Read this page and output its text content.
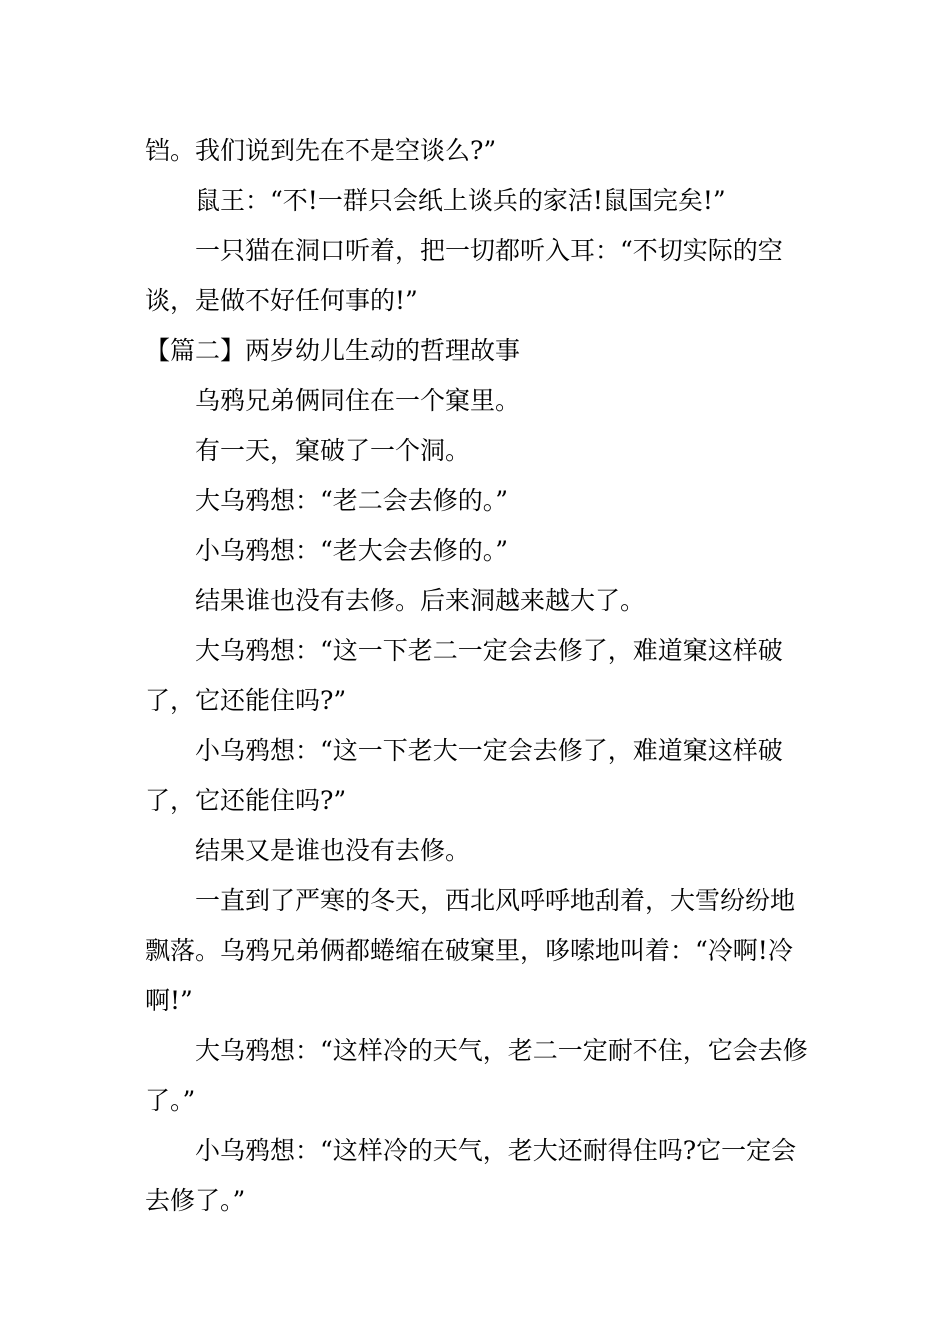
铛。我们说到先在不是空谈么?”

鼠王：“不!一群只会纸上谈兵的家活!鼠国完矣!”

一只猫在洞口听着，把一切都听入耳：“不切实际的空谈，是做不好任何事的!”

【篇二】两岁幼儿生动的哲理故事

乌鸦兄弟俩同住在一个窠里。

有一天，窠破了一个洞。

大乌鸦想：“老二会去修的。”

小乌鸦想：“老大会去修的。”

结果谁也没有去修。后来洞越来越大了。

大乌鸦想：“这一下老二一定会去修了，难道窠这样破了，它还能住吗?”

小乌鸦想：“这一下老大一定会去修了，难道窠这样破了，它还能住吗?”

结果又是谁也没有去修。

一直到了严寒的冬天，西北风呼呼地刮着，大雪纷纷地飘落。乌鸦兄弟俩都蜷缩在破窠里，哆嗦地叫着：“冷啊!冷啊!”

大乌鸦想：“这样冷的天气，老二一定耐不住，它会去修了。”

小乌鸦想：“这样冷的天气，老大还耐得住吗?它一定会去修了。”
